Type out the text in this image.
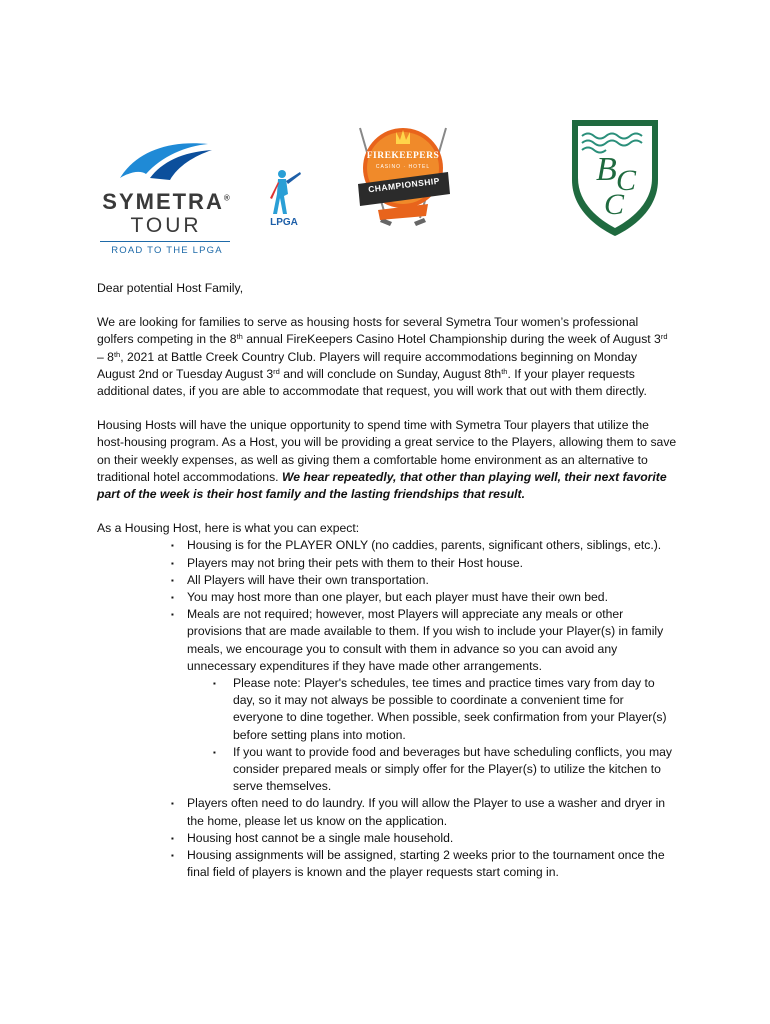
SYMETRA®
TOUR
ROAD TO THE LPGA
LPGA
FIREKEEPERS
CASINO · HOTEL
CHAMPIONSHIP	B C
C

Dear potential Host Family,

We are looking for families to serve as housing hosts for several Symetra Tour women’s professional golfers competing in the 8th annual FireKeepers Casino Hotel Championship during the week of August 3rd – 8th, 2021 at Battle Creek Country Club. Players will require accommodations beginning on Monday August 2nd or Tuesday August 3rd and will conclude on Sunday, August $8th^{th}$. If your player requests additional dates, if you are able to accommodate that request, you will work that out with them directly.

Housing Hosts will have the unique opportunity to spend time with Symetra Tour players that utilize the host-housing program. As a Host, you will be providing a great service to the Players, allowing them to save on their weekly expenses, as well as giving them a comfortable home environment as an alternative to traditional hotel accommodations. We hear repeatedly, that other than playing well, their next favorite part of the week is their host family and the lasting friendships that result.

As a Housing Host, here is what you can expect:

▪ Housing is for the PLAYER ONLY (no caddies, parents, significant others, siblings, etc.).
▪ Players may not bring their pets with them to their Host house.
▪ All Players will have their own transportation.
▪ You may host more than one player, but each player must have their own bed.
▪ Meals are not required; however, most Players will appreciate any meals or other provisions that are made available to them. If you wish to include your Player(s) in family meals, we encourage you to consult with them in advance so you can avoid any unnecessary expenditures if they have made other arrangements.
▪ Please note: Player's schedules, tee times and practice times vary from day to day, so it may not always be possible to coordinate a convenient time for everyone to dine together. When possible, seek confirmation from your Player(s) before setting plans into motion.
▪ If you want to provide food and beverages but have scheduling conflicts, you may consider prepared meals or simply offer for the Player(s) to utilize the kitchen to serve themselves.
▪ Players often need to do laundry. If you will allow the Player to use a washer and dryer in the home, please let us know on the application.
▪ Housing host cannot be a single male household.
▪ Housing assignments will be assigned, starting 2 weeks prior to the tournament once the final field of players is known and the player requests start coming in.
